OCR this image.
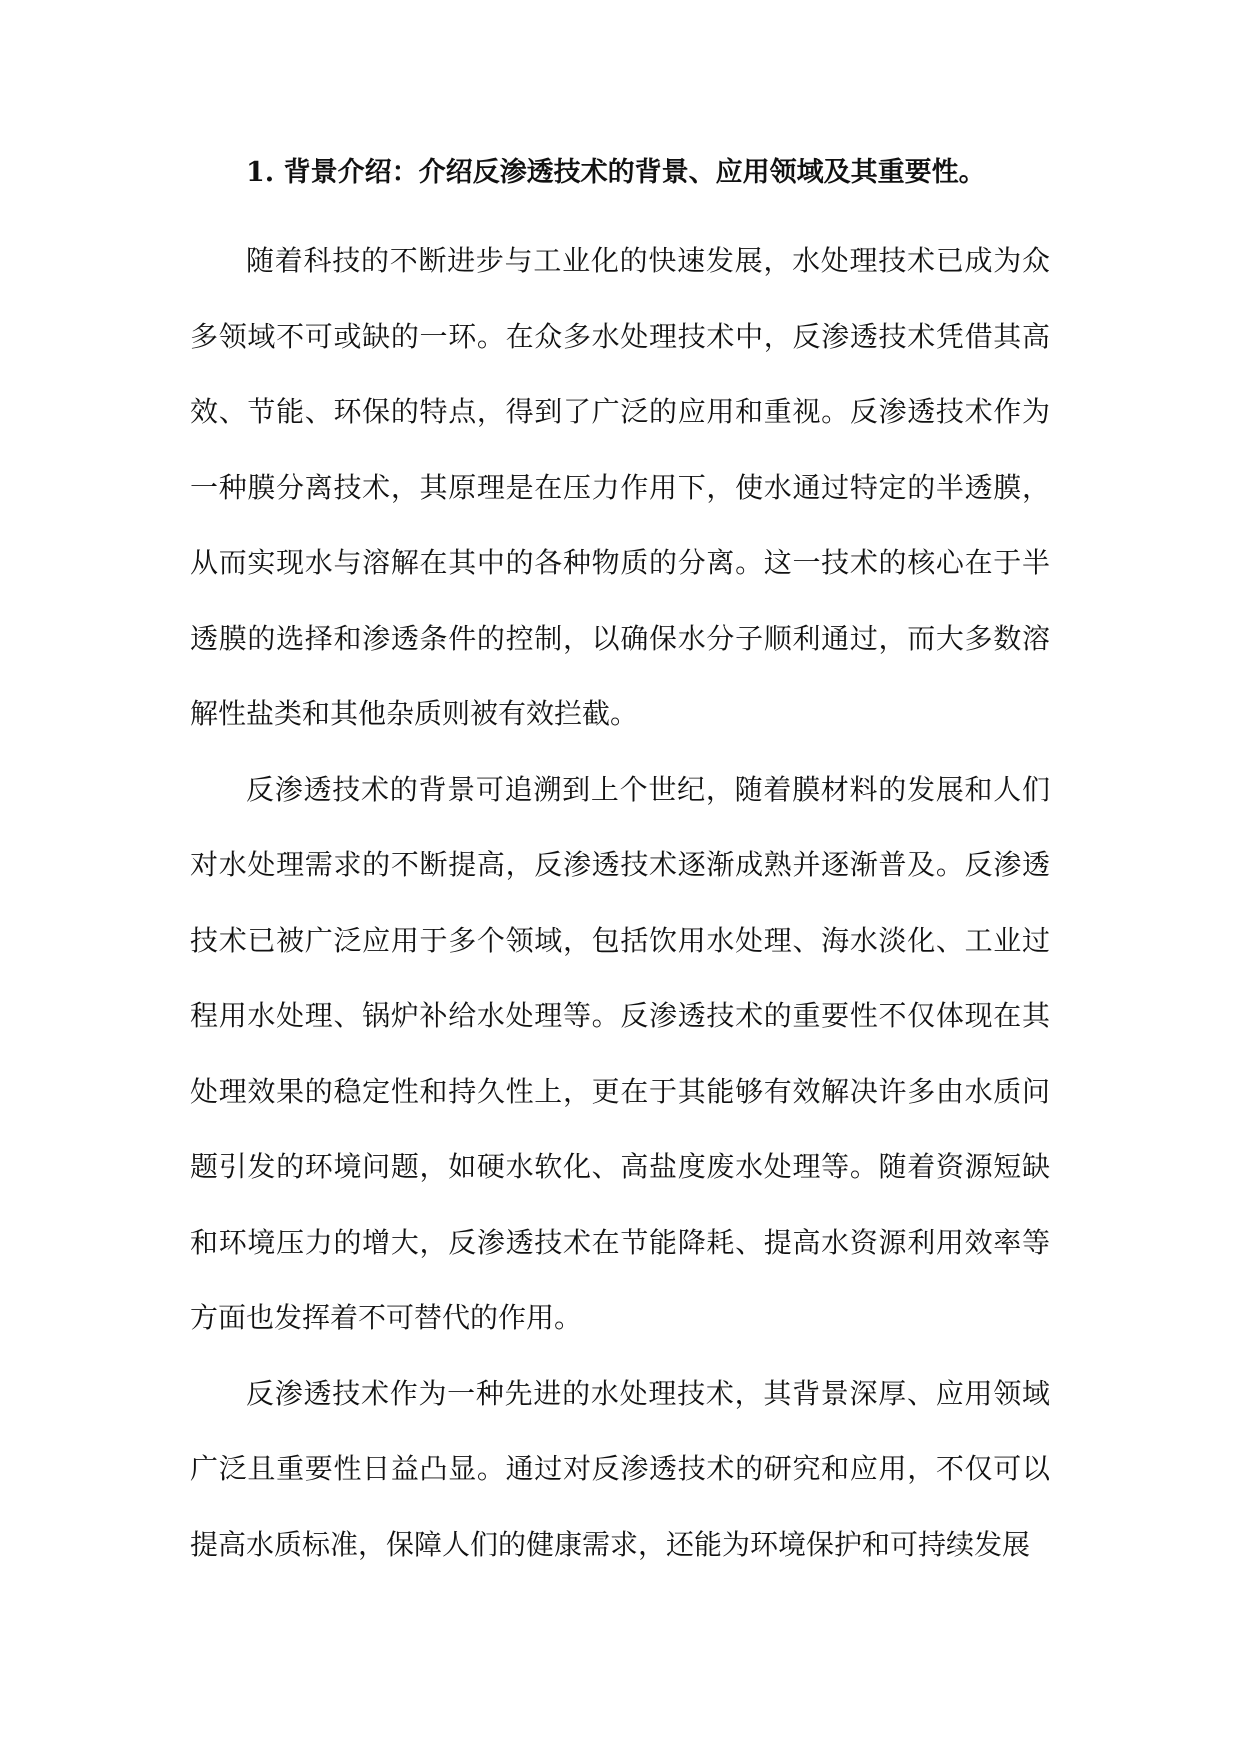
1. 背景介绍：介绍反渗透技术的背景、应用领域及其重要性。

随着科技的不断进步与工业化的快速发展，水处理技术已成为众多领域不可或缺的一环。在众多水处理技术中，反渗透技术凭借其高效、节能、环保的特点，得到了广泛的应用和重视。反渗透技术作为一种膜分离技术，其原理是在压力作用下，使水通过特定的半透膜，从而实现水与溶解在其中的各种物质的分离。这一技术的核心在于半透膜的选择和渗透条件的控制，以确保水分子顺利通过，而大多数溶解性盐类和其他杂质则被有效拦截。

反渗透技术的背景可追溯到上个世纪，随着膜材料的发展和人们对水处理需求的不断提高，反渗透技术逐渐成熟并逐渐普及。反渗透技术已被广泛应用于多个领域，包括饮用水处理、海水淡化、工业过程用水处理、锅炉补给水处理等。反渗透技术的重要性不仅体现在其处理效果的稳定性和持久性上，更在于其能够有效解决许多由水质问题引发的环境问题，如硬水软化、高盐度废水处理等。随着资源短缺和环境压力的增大，反渗透技术在节能降耗、提高水资源利用效率等方面也发挥着不可替代的作用。

反渗透技术作为一种先进的水处理技术，其背景深厚、应用领域广泛且重要性日益凸显。通过对反渗透技术的研究和应用，不仅可以提高水质标准，保障人们的健康需求，还能为环境保护和可持续发展
